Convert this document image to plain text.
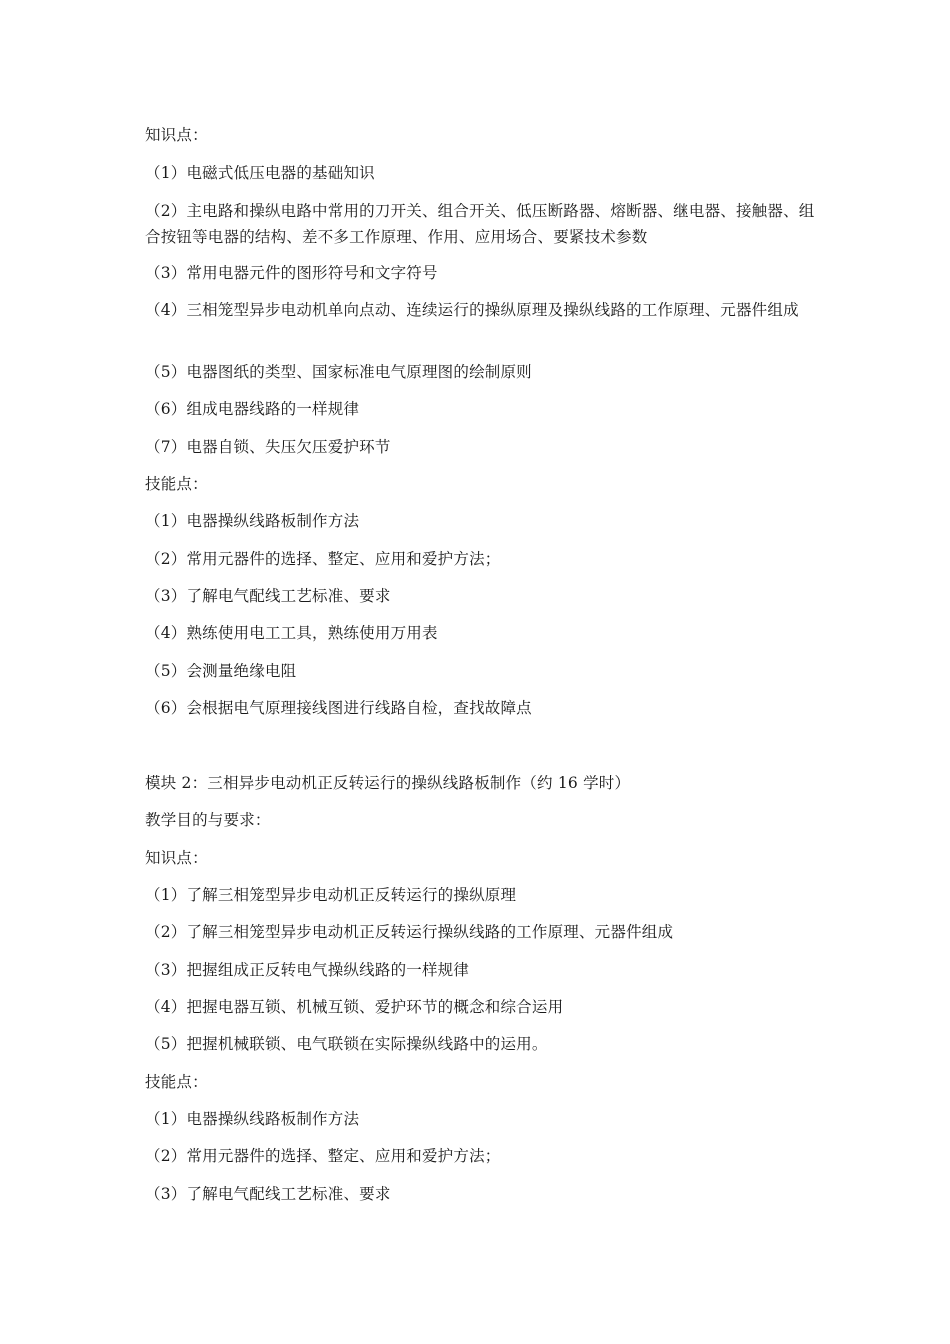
知识点：
（1）电磁式低压电器的基础知识
（2）主电路和操纵电路中常用的刀开关、组合开关、低压断路器、熔断器、继电器、接触器、组合按钮等电器的结构、差不多工作原理、作用、应用场合、要紧技术参数
（3）常用电器元件的图形符号和文字符号
（4）三相笼型异步电动机单向点动、连续运行的操纵原理及操纵线路的工作原理、元器件组成
（5）电器图纸的类型、国家标准电气原理图的绘制原则
（6）组成电器线路的一样规律
（7）电器自锁、失压欠压爱护环节
技能点：
（1）电器操纵线路板制作方法
（2）常用元器件的选择、整定、应用和爱护方法；
（3）了解电气配线工艺标准、要求
（4）熟练使用电工工具，熟练使用万用表
（5）会测量绝缘电阻
（6）会根据电气原理接线图进行线路自检，查找故障点
模块 2：三相异步电动机正反转运行的操纵线路板制作（约 16 学时）
教学目的与要求：
知识点：
（1）了解三相笼型异步电动机正反转运行的操纵原理
（2）了解三相笼型异步电动机正反转运行操纵线路的工作原理、元器件组成
（3）把握组成正反转电气操纵线路的一样规律
（4）把握电器互锁、机械互锁、爱护环节的概念和综合运用
（5）把握机械联锁、电气联锁在实际操纵线路中的运用。
技能点：
（1）电器操纵线路板制作方法
（2）常用元器件的选择、整定、应用和爱护方法；
（3）了解电气配线工艺标准、要求
